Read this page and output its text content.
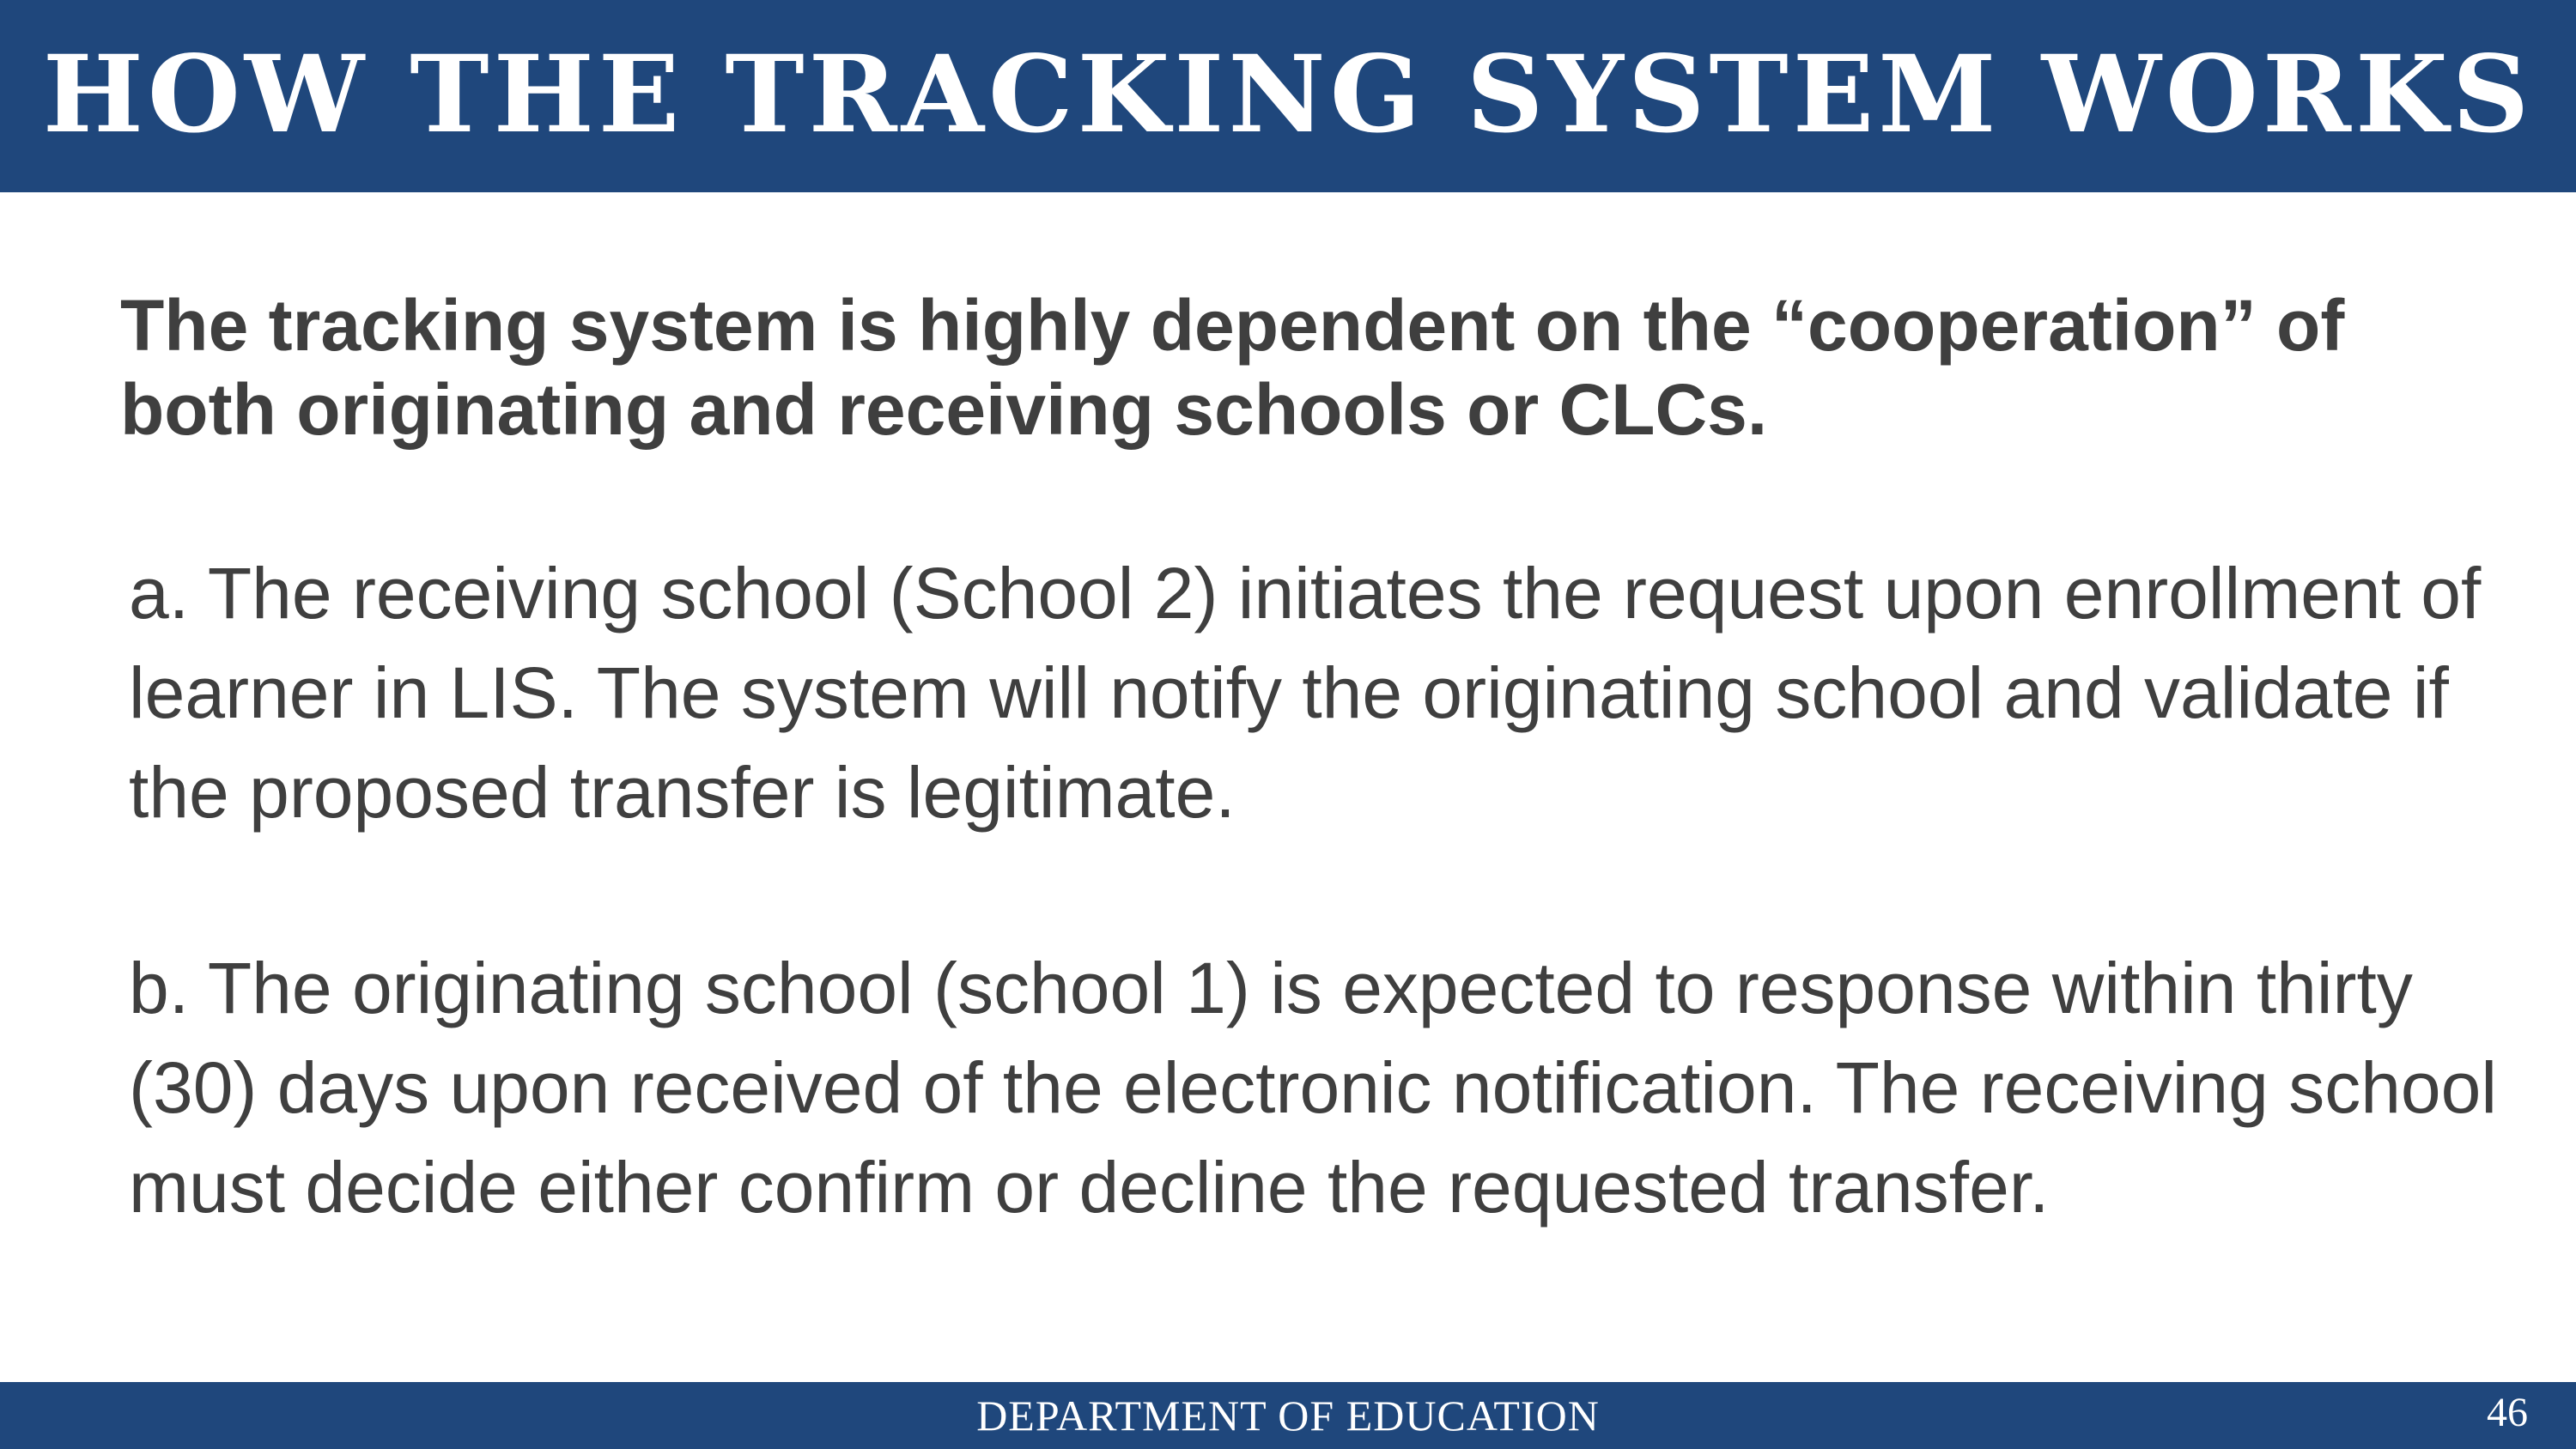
HOW THE TRACKING SYSTEM WORKS

The tracking system is highly dependent on the “cooperation” of both originating and receiving schools or CLCs.

a. The receiving school (School 2) initiates the request upon enrollment of learner in LIS. The system will notify the originating school and validate if the proposed transfer is legitimate.

b. The originating school (school 1) is expected to response within thirty (30) days upon received of the electronic notification. The receiving school must decide either confirm or decline the requested transfer.

DEPARTMENT OF EDUCATION	46
